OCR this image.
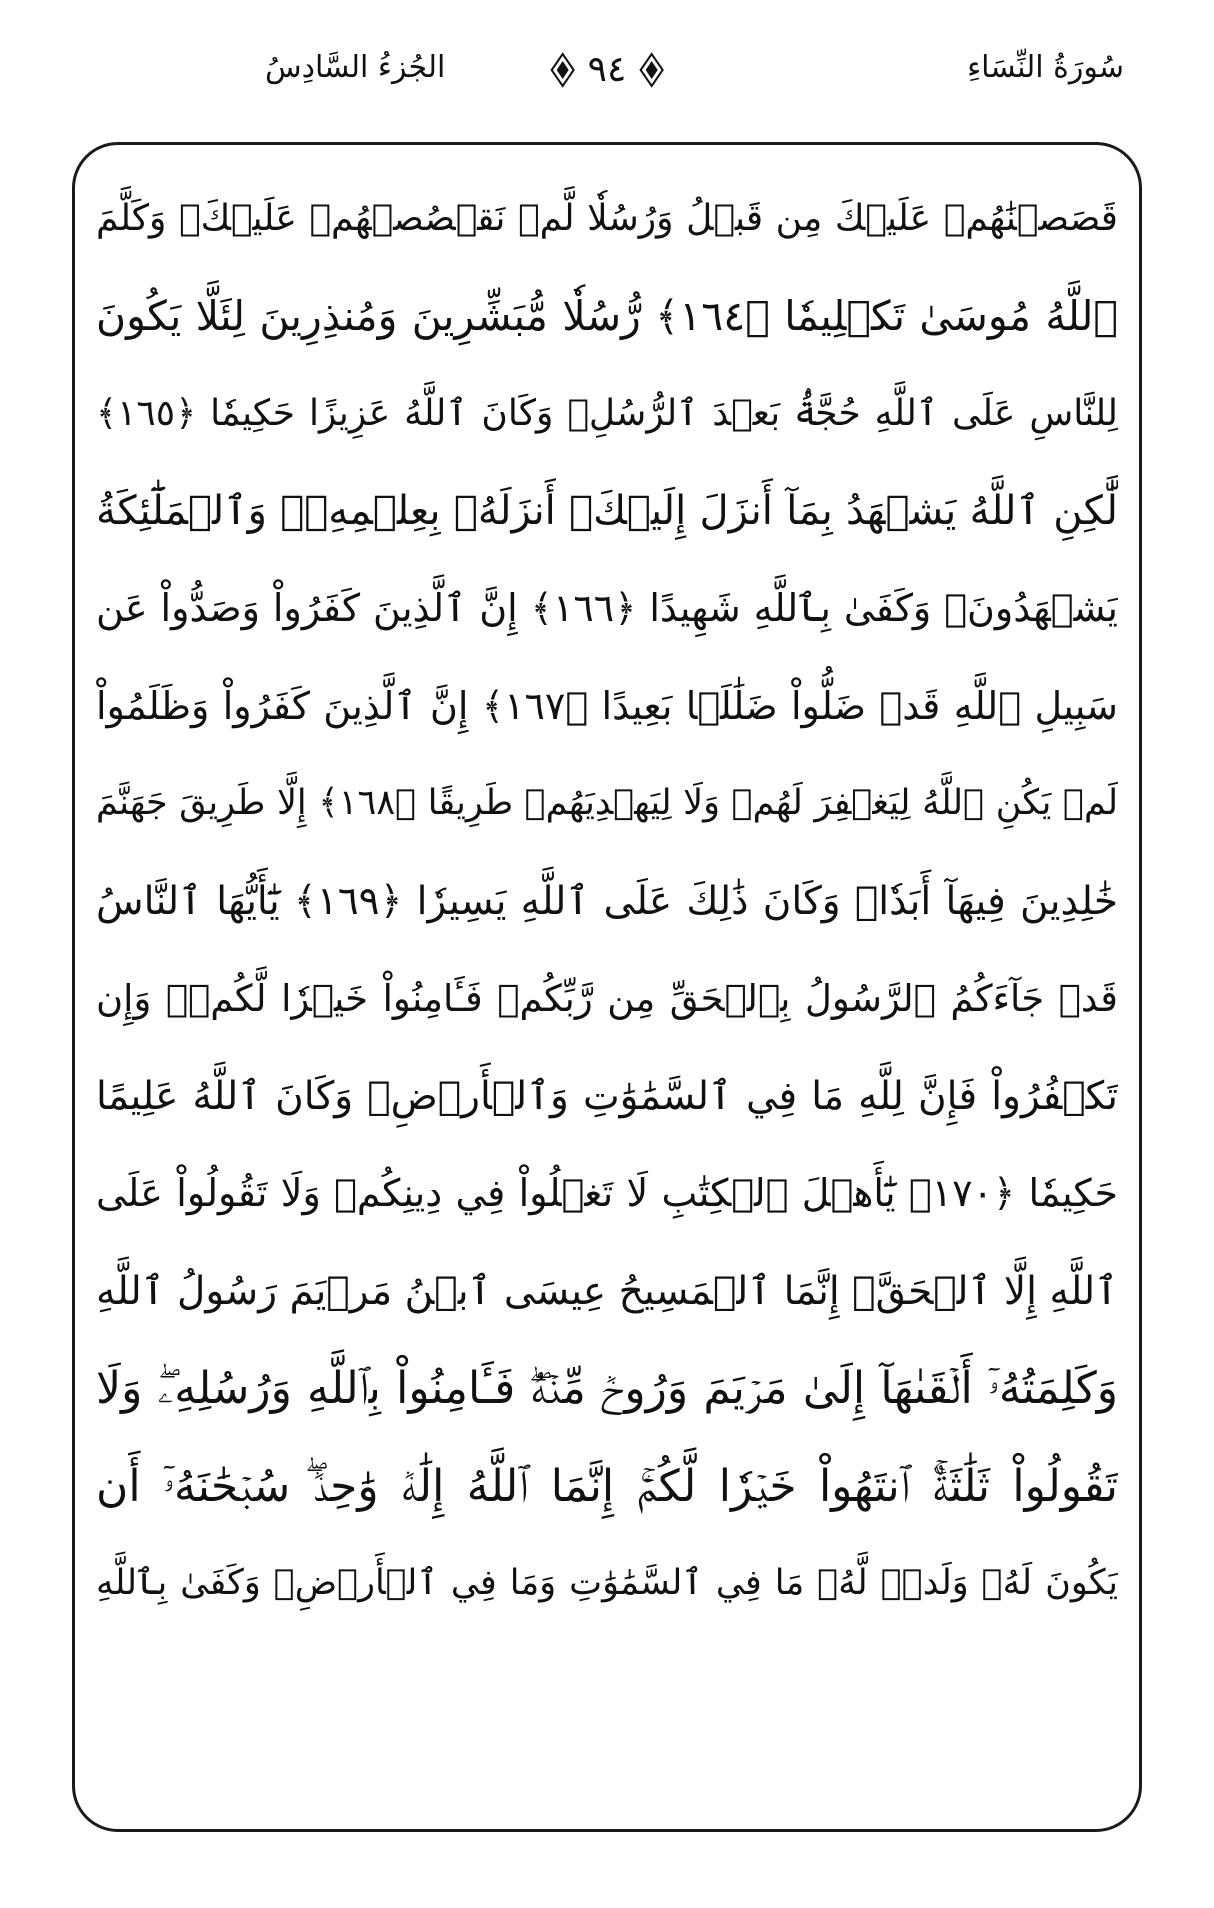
الجُزءُ السَّادِسُ	٩٤	سُورَةُ النِّسَاءِ
قَصَصۡنَٰهُمۡ عَلَيۡكَ مِن قَبۡلُ وَرُسُلٗا لَّمۡ نَقۡصُصۡهُمۡ عَلَيۡكَۚ وَكَلَّمَ
ٱللَّهُ مُوسَىٰ تَكۡلِيمٗا ﴿١٦٤﴾ رُّسُلٗا مُّبَشِّرِينَ وَمُنذِرِينَ لِئَلَّا يَكُونَ
لِلنَّاسِ عَلَى ٱللَّهِ حُجَّةُۢ بَعۡدَ ٱلرُّسُلِۚ وَكَانَ ٱللَّهُ عَزِيزًا حَكِيمٗا ﴿١٦٥﴾
لَّٰكِنِ ٱللَّهُ يَشۡهَدُ بِمَآ أَنزَلَ إِلَيۡكَۖ أَنزَلَهُۥ بِعِلۡمِهِۦۖ وَٱلۡمَلَٰٓئِكَةُ
يَشۡهَدُونَۚ وَكَفَىٰ بِٱللَّهِ شَهِيدًا ﴿١٦٦﴾ إِنَّ ٱلَّذِينَ كَفَرُواْ وَصَدُّواْ عَن
سَبِيلِ ٱللَّهِ قَدۡ ضَلُّواْ ضَلَٰلَۢا بَعِيدًا ﴿١٦٧﴾ إِنَّ ٱلَّذِينَ كَفَرُواْ وَظَلَمُواْ
لَمۡ يَكُنِ ٱللَّهُ لِيَغۡفِرَ لَهُمۡ وَلَا لِيَهۡدِيَهُمۡ طَرِيقًا ﴿١٦٨﴾ إِلَّا طَرِيقَ جَهَنَّمَ
خَٰلِدِينَ فِيهَآ أَبَدٗاۚ وَكَانَ ذَٰلِكَ عَلَى ٱللَّهِ يَسِيرٗا ﴿١٦٩﴾ يَٰٓأَيُّهَا ٱلنَّاسُ
قَدۡ جَآءَكُمُ ٱلرَّسُولُ بِٱلۡحَقِّ مِن رَّبِّكُمۡ فَـَٔامِنُواْ خَيۡرٗا لَّكُمۡۚ وَإِن
تَكۡفُرُواْ فَإِنَّ لِلَّهِ مَا فِي ٱلسَّمَٰوَٰتِ وَٱلۡأَرۡضِۚ وَكَانَ ٱللَّهُ عَلِيمًا
حَكِيمٗا ﴿١٧٠﴾ يَٰٓأَهۡلَ ٱلۡكِتَٰبِ لَا تَغۡلُواْ فِي دِينِكُمۡ وَلَا تَقُولُواْ عَلَى
ٱللَّهِ إِلَّا ٱلۡحَقَّۚ إِنَّمَا ٱلۡمَسِيحُ عِيسَى ٱبۡنُ مَرۡيَمَ رَسُولُ ٱللَّهِ
وَكَلِمَتُهُۥٓ أَلۡقَىٰهَآ إِلَىٰ مَرۡيَمَ وَرُوحٞ مِّنۡهُۖ فَـَٔامِنُواْ بِٱللَّهِ وَرُسُلِهِۦۖ وَلَا
تَقُولُواْ ثَلَٰثَةٌۚ ٱنتَهُواْ خَيۡرٗا لَّكُمۡۚ إِنَّمَا ٱللَّهُ إِلَٰهٞ وَٰحِدٞۖ سُبۡحَٰنَهُۥٓ أَن
يَكُونَ لَهُۥ وَلَدٞۘ لَّهُۥ مَا فِي ٱلسَّمَٰوَٰتِ وَمَا فِي ٱلۡأَرۡضِۗ وَكَفَىٰ بِٱللَّهِ
